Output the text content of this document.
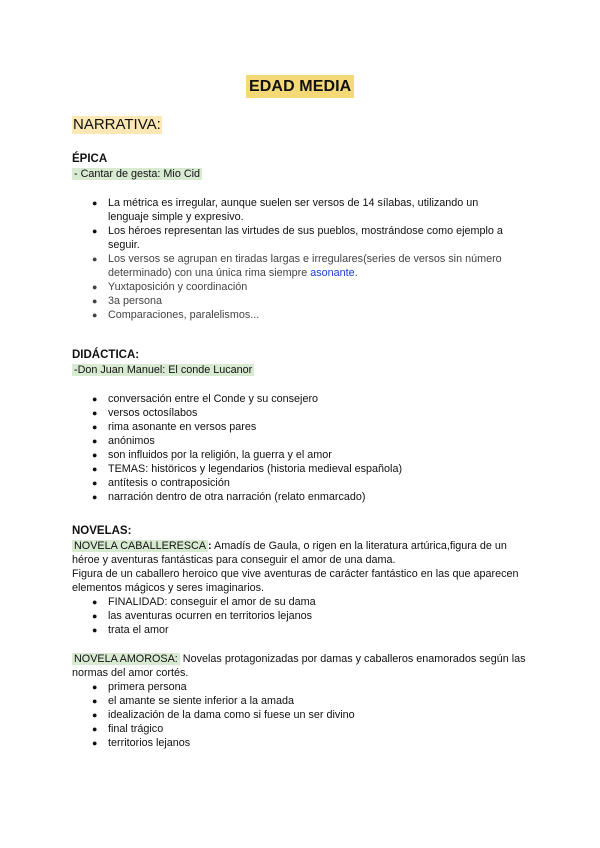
EDAD MEDIA
NARRATIVA:
ÉPICA
- Cantar de gesta: Mio Cid
● La métrica es irregular, aunque suelen ser versos de 14 sílabas, utilizando un lenguaje simple y expresivo.
● Los héroes representan las virtudes de sus pueblos, mostrándose como ejemplo a seguir.
● Los versos se agrupan en tiradas largas e irregulares(series de versos sin número determinado) con una única rima siempre asonante.
● Yuxtaposición y coordinación
● 3a persona
● Comparaciones, paralelismos...
DIDÁCTICA:
-Don Juan Manuel: El conde Lucanor
● conversación entre el Conde y su consejero
● versos octosílabos
● rima asonante en versos pares
● anónimos
● son influidos por la religión, la guerra y el amor
● TEMAS: histöricos y legendarios (historia medieval española)
● antítesis o contraposición
● narración dentro de otra narración (relato enmarcado)
NOVELAS:
NOVELA CABALLERESCA : Amadís de Gaula, o rigen en la literatura artúrica,figura de un héroe y aventuras fantásticas para conseguir el amor de una dama.
Figura de un caballero heroico que vive aventuras de carácter fantástico en las que aparecen elementos mágicos y seres imaginarios.
● FINALIDAD: conseguir el amor de su dama
● las aventuras ocurren en territorios lejanos
● trata el amor
NOVELA AMOROSA: Novelas protagonizadas por damas y caballeros enamorados según las normas del amor cortés.
● primera persona
● el amante se siente inferior a la amada
● idealización de la dama como si fuese un ser divino
● final trágico
● territorios lejanos
